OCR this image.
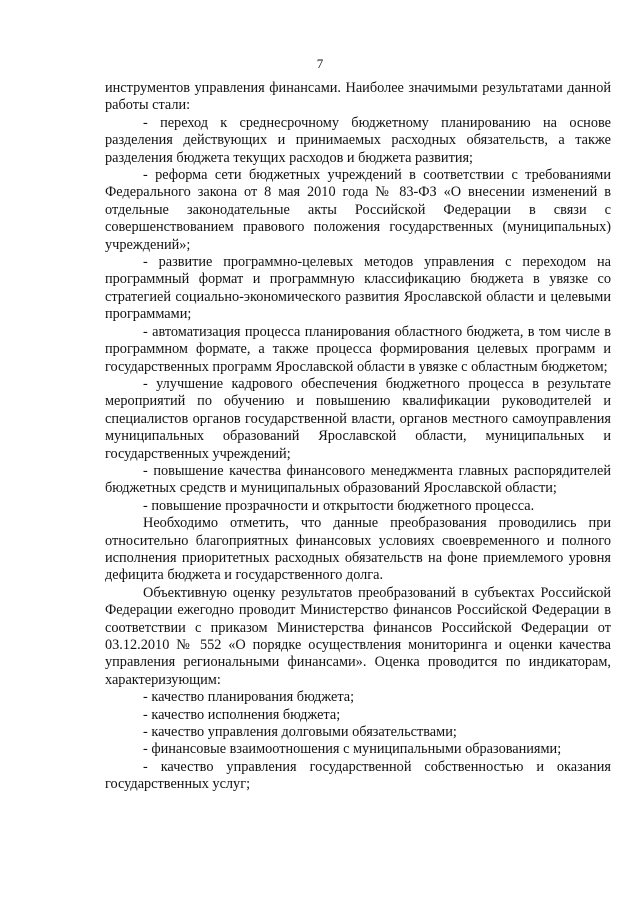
7

инструментов управления финансами. Наиболее значимыми результатами данной работы стали:

- переход к среднесрочному бюджетному планированию на основе разделения действующих и принимаемых расходных обязательств, а также разделения бюджета текущих расходов и бюджета развития;

- реформа сети бюджетных учреждений в соответствии с требованиями Федерального закона от 8 мая 2010 года № 83-ФЗ «О внесении изменений в отдельные законодательные акты Российской Федерации в связи с совершенствованием правового положения государственных (муниципальных) учреждений»;

- развитие программно-целевых методов управления с переходом на программный формат и программную классификацию бюджета в увязке со стратегией социально-экономического развития Ярославской области и целевыми программами;

- автоматизация процесса планирования областного бюджета, в том числе в программном формате, а также процесса формирования целевых программ и государственных программ Ярославской области в увязке с областным бюджетом;

- улучшение кадрового обеспечения бюджетного процесса в результате мероприятий по обучению и повышению квалификации руководителей и специалистов органов государственной власти, органов местного самоуправления муниципальных образований Ярославской области, муниципальных и государственных учреждений;

- повышение качества финансового менеджмента главных распорядителей бюджетных средств и муниципальных образований Ярославской области;

- повышение прозрачности и открытости бюджетного процесса.

Необходимо отметить, что данные преобразования проводились при относительно благоприятных финансовых условиях своевременного и полного исполнения приоритетных расходных обязательств на фоне приемлемого уровня дефицита бюджета и государственного долга.

Объективную оценку результатов преобразований в субъектах Российской Федерации ежегодно проводит Министерство финансов Российской Федерации в соответствии с приказом Министерства финансов Российской Федерации от 03.12.2010 № 552 «О порядке осуществления мониторинга и оценки качества управления региональными финансами». Оценка проводится по индикаторам, характеризующим:

- качество планирования бюджета;

- качество исполнения бюджета;

- качество управления долговыми обязательствами;

- финансовые взаимоотношения с муниципальными образованиями;

- качество управления государственной собственностью и оказания государственных услуг;
